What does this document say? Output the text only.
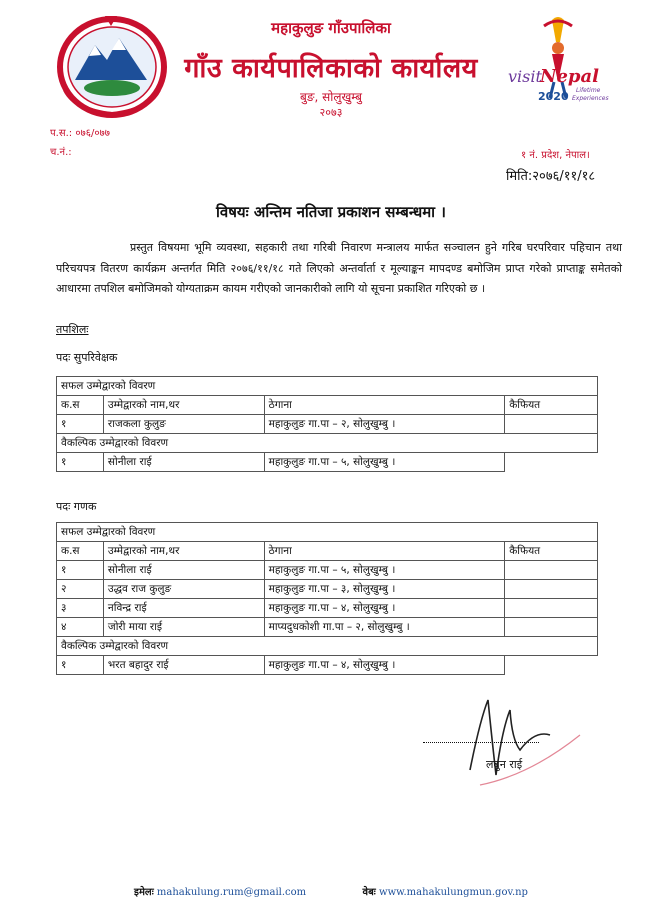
महाकुलुङ गाँउपालिका
गाँउ कार्यपालिकाको कार्यालय
बुङ, सोलुखुम्बु
२०७३
visit
Nepal
2020 Lifetime
Experiences
प.स.: ०७६/०७७
च.नं.:	१ नं. प्रदेश, नेपाल।
मिति:२०७६/११/१८
विषयः अन्तिम नतिजा प्रकाशन सम्बन्धमा ।
प्रस्तुत विषयमा भूमि व्यवस्था, सहकारी तथा गरिबी निवारण मन्त्रालय मार्फत सञ्चालन हुने गरिब घरपरिवार पहिचान तथा परिचयपत्र वितरण कार्यक्रम अन्तर्गत मिति २०७६/११/१८ गते लिएको अन्तर्वार्ता र मूल्याङ्कन मापदण्ड बमोजिम प्राप्त गरेको प्राप्ताङ्क समेतको आधारमा तपशिल बमोजिमको योग्यताक्रम कायम गरीएको जानकारीको लागि यो सूचना प्रकाशित गरिएको छ ।
तपशिलः
पदः सुपरिवेक्षक
सफल उम्मेद्वारको विवरण			
क.स	उम्मेद्वारको नाम,थर	ठेगाना	कैफियत
१	राजकला कुलुङ	महाकुलुङ गा.पा – २, सोलुखुम्बु ।	
वैकल्पिक उम्मेद्वारको विवरण			
१	सोनीला राई	महाकुलुङ गा.पा – ५, सोलुखुम्बु ।	
पदः गणक
सफल उम्मेद्वारको विवरण			
क.स	उम्मेद्वारको नाम,थर	ठेगाना	कैफियत
१	सोनीला राई	महाकुलुङ गा.पा – ५, सोलुखुम्बु ।	
२	उद्धव राज कुलुङ	महाकुलुङ गा.पा – ३, सोलुखुम्बु ।	
३	नविन्द्र राई	महाकुलुङ गा.पा – ४, सोलुखुम्बु ।	
४	जोरी माया राई	माप्यदुधकोशी गा.पा – २, सोलुखुम्बु ।	
वैकल्पिक उम्मेद्वारको विवरण			
१	भरत बहादुर राई	महाकुलुङ गा.पा – ४, सोलुखुम्बु ।	
लबुन राई
इमेलः mahakulung.rum@gmail.com	वेबः www.mahakulungmun.gov.np
